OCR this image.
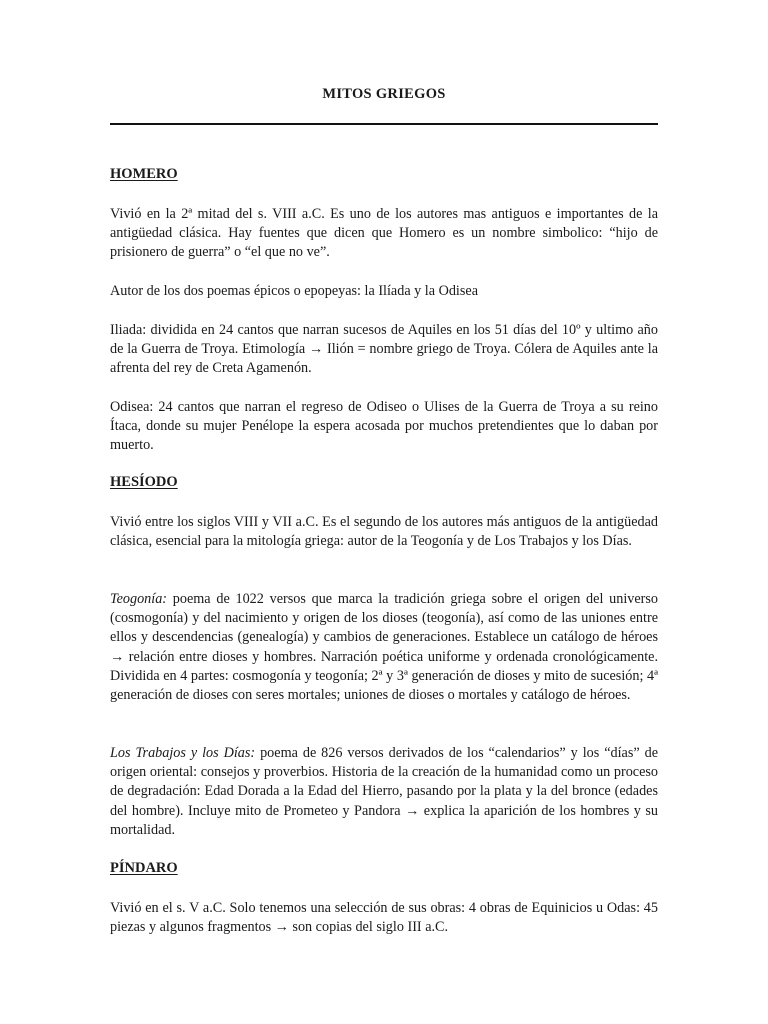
MITOS GRIEGOS
HOMERO

Vivió en la 2ª mitad del s. VIII a.C. Es uno de los autores mas antiguos e importantes de la antigüedad clásica. Hay fuentes que dicen que Homero es un nombre simbolico: “hijo de prisionero de guerra” o “el que no ve”.

Autor de los dos poemas épicos o epopeyas: la Ilíada y la Odisea

Iliada: dividida en 24 cantos que narran sucesos de Aquiles en los 51 días del 10º y ultimo año de la Guerra de Troya. Etimología → Ilión = nombre griego de Troya. Cólera de Aquiles ante la afrenta del rey de Creta Agamenón.

Odisea: 24 cantos que narran el regreso de Odiseo o Ulises de la Guerra de Troya a su reino Ítaca, donde su mujer Penélope la espera acosada por muchos pretendientes que lo daban por muerto.

HESÍODO

Vivió entre los siglos VIII y VII a.C. Es el segundo de los autores más antiguos de la antigüedad clásica, esencial para la mitología griega: autor de la Teogonía y de Los Trabajos y los Días.

Teogonía: poema de 1022 versos que marca la tradición griega sobre el origen del universo (cosmogonía) y del nacimiento y origen de los dioses (teogonía), así como de las uniones entre ellos y descendencias (genealogía) y cambios de generaciones. Establece un catálogo de héroes → relación entre dioses y hombres. Narración poética uniforme y ordenada cronológicamente. Dividida en 4 partes: cosmogonía y teogonía; 2ª y 3ª generación de dioses y mito de sucesión; 4ª generación de dioses con seres mortales; uniones de dioses o mortales y catálogo de héroes.

Los Trabajos y los Días: poema de 826 versos derivados de los “calendarios” y los “días” de origen oriental: consejos y proverbios. Historia de la creación de la humanidad como un proceso de degradación: Edad Dorada a la Edad del Hierro, pasando por la plata y la del bronce (edades del hombre). Incluye mito de Prometeo y Pandora → explica la aparición de los hombres y su mortalidad.

PÍNDARO

Vivió en el s. V a.C. Solo tenemos una selección de sus obras: 4 obras de Equinicios u Odas: 45 piezas y algunos fragmentos → son copias del siglo III a.C.
